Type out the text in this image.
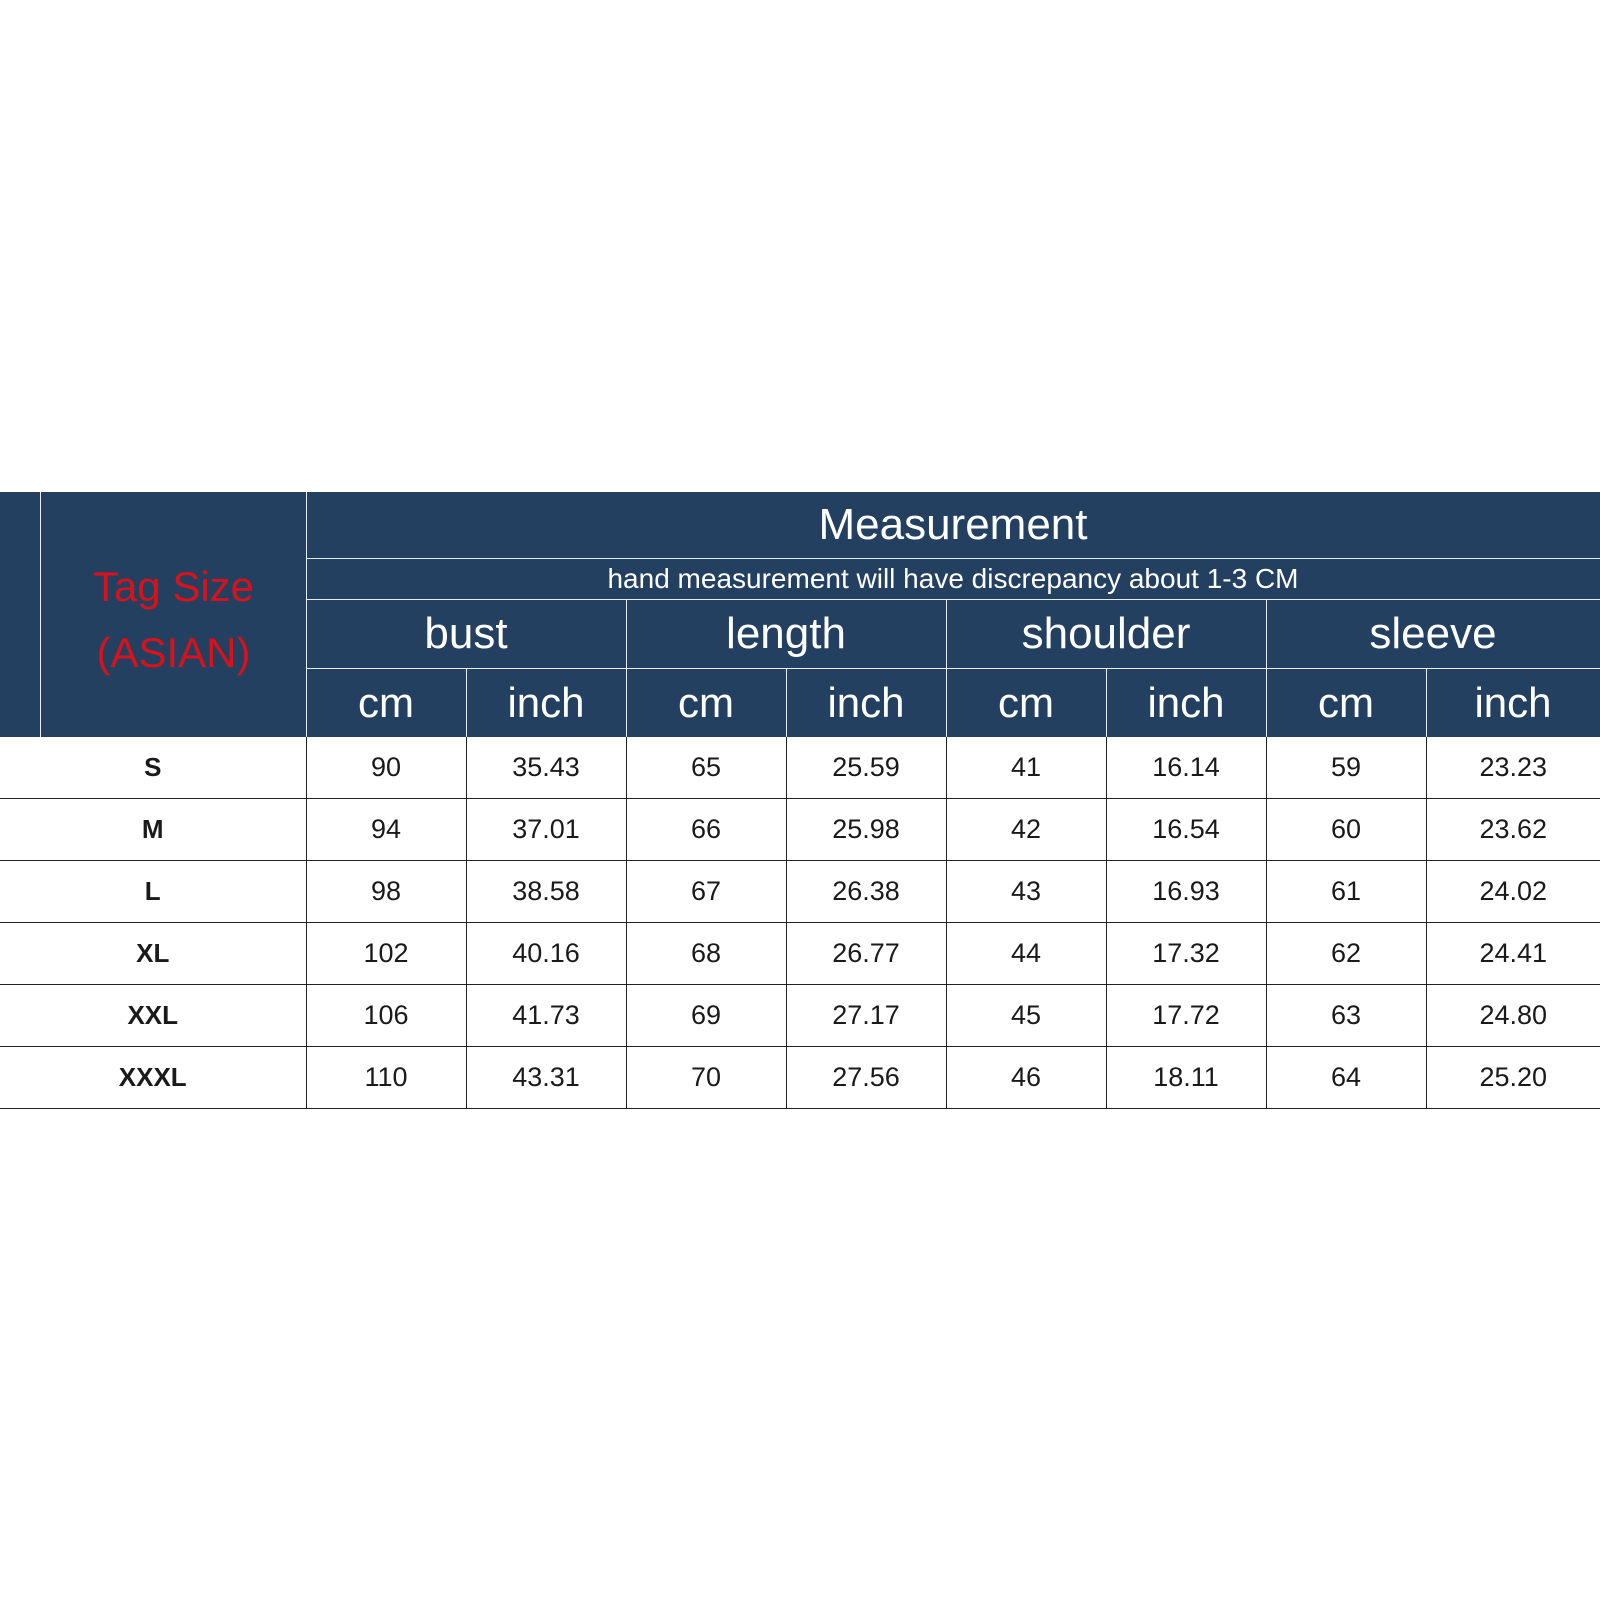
Tag Size
(ASIAN)
Measurement
hand measurement will have discrepancy about 1-3 CM
bust	length	shoulder	sleeve
cm	inch	cm	inch	cm	inch	cm	inch
S	90	35.43	65	25.59	41	16.14	59	23.23
M	94	37.01	66	25.98	42	16.54	60	23.62
L	98	38.58	67	26.38	43	16.93	61	24.02
XL	102	40.16	68	26.77	44	17.32	62	24.41
XXL	106	41.73	69	27.17	45	17.72	63	24.80
XXXL	110	43.31	70	27.56	46	18.11	64	25.20
